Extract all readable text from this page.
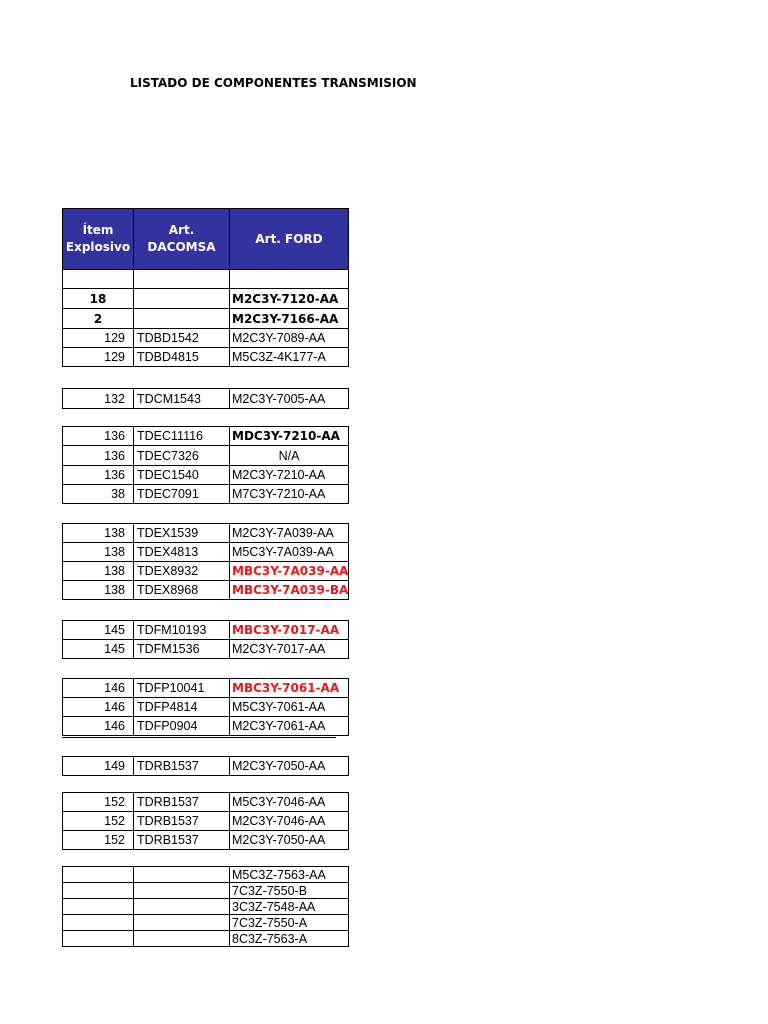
LISTADO DE COMPONENTES TRANSMISION
Ítem Explosivo	Art. DACOMSA	Art. FORD

18		M2C3Y-7120-AA
2		M2C3Y-7166-AA
129	TDBD1542	M2C3Y-7089-AA
129	TDBD4815	M5C3Z-4K177-A
132	TDCM1543	M2C3Y-7005-AA
136	TDEC11116	MDC3Y-7210-AA
136	TDEC7326	N/A
136	TDEC1540	M2C3Y-7210-AA
38	TDEC7091	M7C3Y-7210-AA
138	TDEX1539	M2C3Y-7A039-AA
138	TDEX4813	M5C3Y-7A039-AA
138	TDEX8932	MBC3Y-7A039-AA
138	TDEX8968	MBC3Y-7A039-BA
145	TDFM10193	MBC3Y-7017-AA
145	TDFM1536	M2C3Y-7017-AA
146	TDFP10041	MBC3Y-7061-AA
146	TDFP4814	M5C3Y-7061-AA
146	TDFP0904	M2C3Y-7061-AA
149	TDRB1537	M2C3Y-7050-AA
152	TDRB1537	M5C3Y-7046-AA
152	TDRB1537	M2C3Y-7046-AA
152	TDRB1537	M2C3Y-7050-AA
		M5C3Z-7563-AA
		7C3Z-7550-B
		3C3Z-7548-AA
		7C3Z-7550-A
		8C3Z-7563-A
